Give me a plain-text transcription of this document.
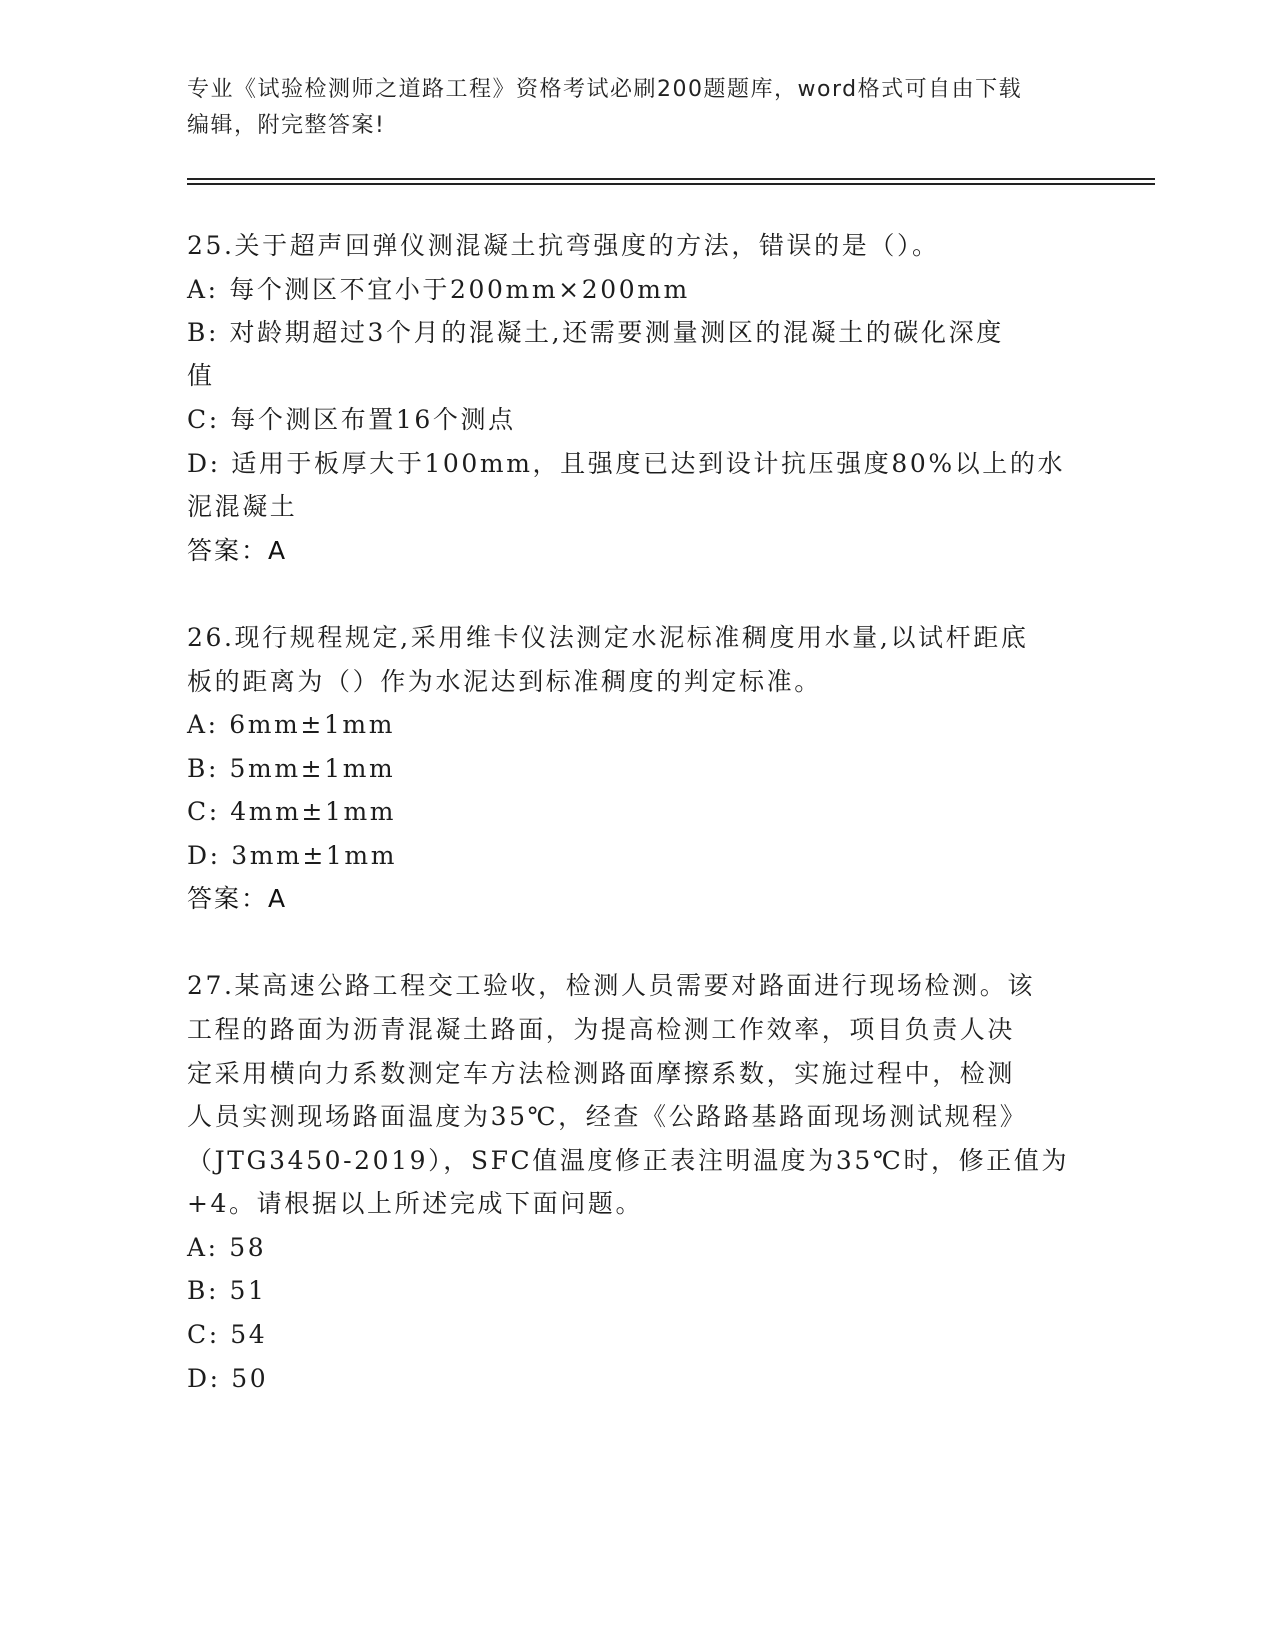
专业《试验检测师之道路工程》资格考试必刷200题题库，word格式可自由下载
编辑，附完整答案!
25.关于超声回弹仪测混凝土抗弯强度的方法，错误的是（）。
A: 每个测区不宜小于200mm×200mm
B: 对龄期超过3个月的混凝土,还需要测量测区的混凝土的碳化深度
值
C: 每个测区布置16个测点
D: 适用于板厚大于100mm，且强度已达到设计抗压强度80%以上的水
泥混凝土
答案：A
26.现行规程规定,采用维卡仪法测定水泥标准稠度用水量,以试杆距底
板的距离为（）作为水泥达到标准稠度的判定标准。
A: 6mm±1mm
B: 5mm±1mm
C: 4mm±1mm
D: 3mm±1mm
答案：A
27.某高速公路工程交工验收，检测人员需要对路面进行现场检测。该
工程的路面为沥青混凝土路面，为提高检测工作效率，项目负责人决
定采用横向力系数测定车方法检测路面摩擦系数，实施过程中，检测
人员实测现场路面温度为35℃，经查《公路路基路面现场测试规程》
（JTG3450-2019），SFC值温度修正表注明温度为35℃时，修正值为
+4。请根据以上所述完成下面问题。
A: 58
B: 51
C: 54
D: 50
